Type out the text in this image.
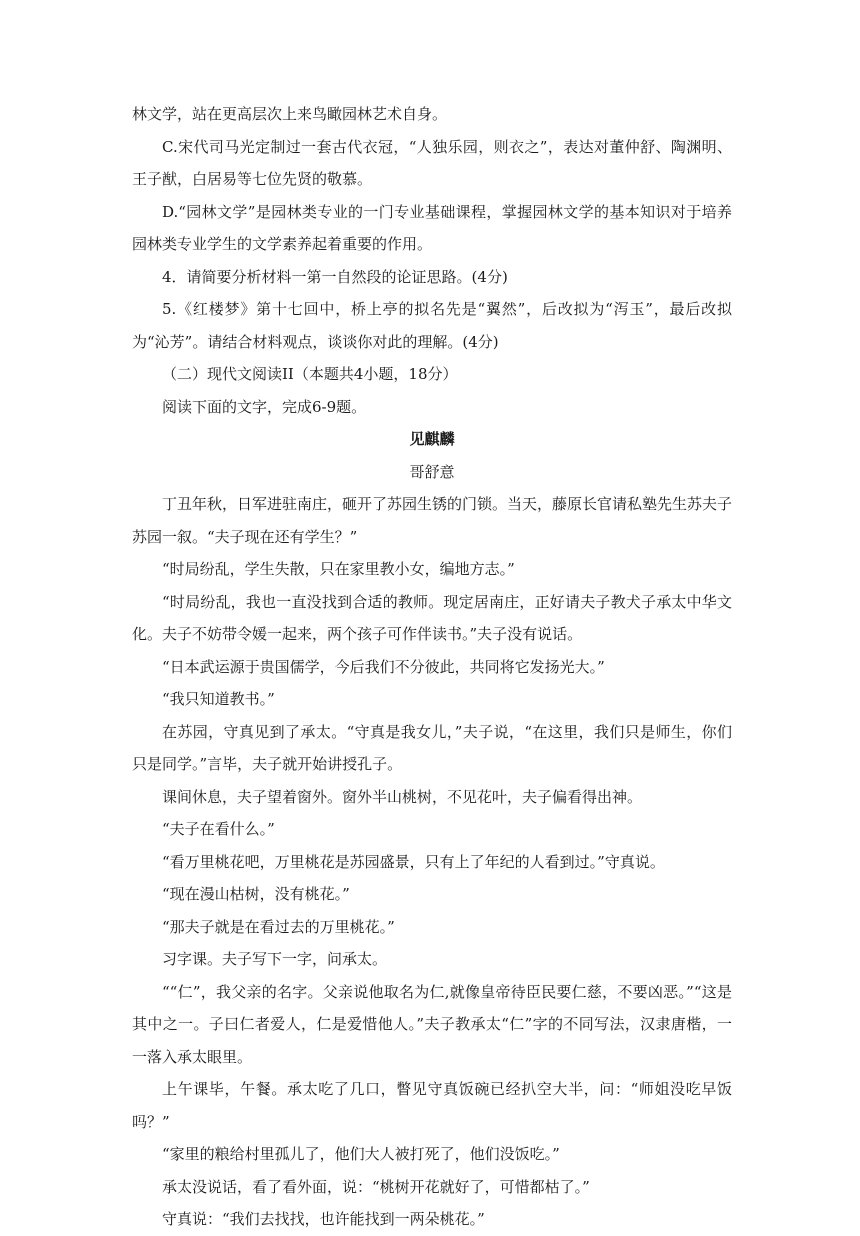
林文学，站在更高层次上来鸟瞰园林艺术自身。

C.宋代司马光定制过一套古代衣冠，“人独乐园，则衣之”，表达对董仲舒、陶渊明、王子猷，白居易等七位先贤的敬慕。

D.“园林文学”是园林类专业的一门专业基础课程，掌握园林文学的基本知识对于培养园林类专业学生的文学素养起着重要的作用。

4．请简要分析材料一第一自然段的论证思路。(4分)

5.《红楼梦》第十七回中，桥上亭的拟名先是“翼然”，后改拟为“泻玉”，最后改拟为“沁芳”。请结合材料观点，谈谈你对此的理解。(4分)

（二）现代文阅读II（本题共4小题，18分）

阅读下面的文字，完成6-9题。

见麒麟

哥舒意

丁丑年秋，日军进驻南庄，砸开了苏园生锈的门锁。当天，藤原长官请私塾先生苏夫子苏园一叙。“夫子现在还有学生？”

“时局纷乱，学生失散，只在家里教小女，编地方志。”

“时局纷乱，我也一直没找到合适的教师。现定居南庄，正好请夫子教犬子承太中华文化。夫子不妨带令媛一起来，两个孩子可作伴读书。”夫子没有说话。

“日本武运源于贵国儒学，今后我们不分彼此，共同将它发扬光大。”

“我只知道教书。”

在苏园，守真见到了承太。“守真是我女儿，”夫子说，“在这里，我们只是师生，你们只是同学。”言毕，夫子就开始讲授孔子。

课间休息，夫子望着窗外。窗外半山桃树，不见花叶，夫子偏看得出神。

“夫子在看什么。”

“看万里桃花吧，万里桃花是苏园盛景，只有上了年纪的人看到过。”守真说。

“现在漫山枯树，没有桃花。”

“那夫子就是在看过去的万里桃花。”

习字课。夫子写下一字，问承太。

““仁”，我父亲的名字。父亲说他取名为仁,就像皇帝待臣民要仁慈，不要凶恶。”“这是其中之一。子曰仁者爱人，仁是爱惜他人。”夫子教承太“仁”字的不同写法，汉隶唐楷，一一落入承太眼里。

上午课毕，午餐。承太吃了几口，瞥见守真饭碗已经扒空大半，问：“师姐没吃早饭吗？”

“家里的粮给村里孤儿了，他们大人被打死了，他们没饭吃。”

承太没说话，看了看外面，说：“桃树开花就好了，可惜都枯了。”

守真说：“我们去找找，也许能找到一两朵桃花。”
